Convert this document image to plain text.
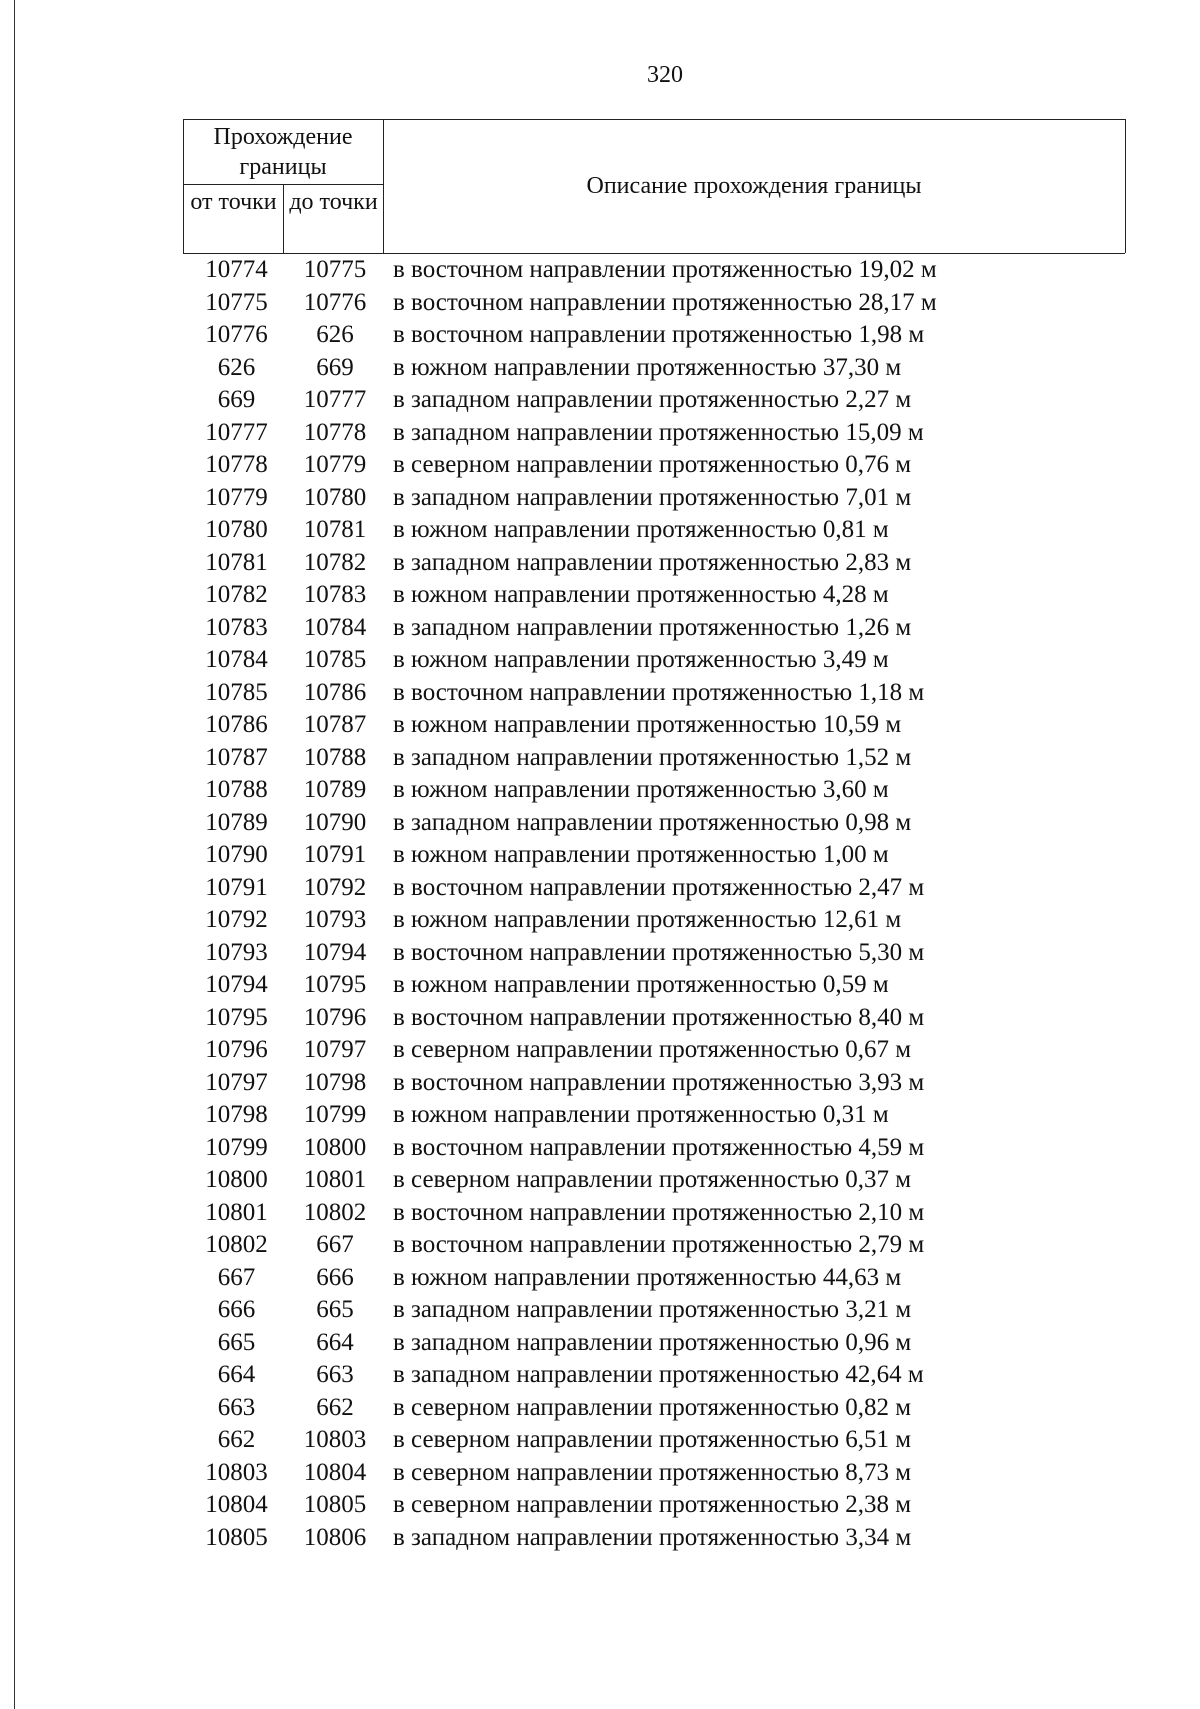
320
Прохождение границы
от точки до точки
Описание прохождения границы
10774	10775	в восточном направлении протяженностью 19,02 м
10775	10776	в восточном направлении протяженностью 28,17 м
10776	626	в восточном направлении протяженностью 1,98 м
626	669	в южном направлении протяженностью 37,30 м
669	10777	в западном направлении протяженностью 2,27 м
10777	10778	в западном направлении протяженностью 15,09 м
10778	10779	в северном направлении протяженностью 0,76 м
10779	10780	в западном направлении протяженностью 7,01 м
10780	10781	в южном направлении протяженностью 0,81 м
10781	10782	в западном направлении протяженностью 2,83 м
10782	10783	в южном направлении протяженностью 4,28 м
10783	10784	в западном направлении протяженностью 1,26 м
10784	10785	в южном направлении протяженностью 3,49 м
10785	10786	в восточном направлении протяженностью 1,18 м
10786	10787	в южном направлении протяженностью 10,59 м
10787	10788	в западном направлении протяженностью 1,52 м
10788	10789	в южном направлении протяженностью 3,60 м
10789	10790	в западном направлении протяженностью 0,98 м
10790	10791	в южном направлении протяженностью 1,00 м
10791	10792	в восточном направлении протяженностью 2,47 м
10792	10793	в южном направлении протяженностью 12,61 м
10793	10794	в восточном направлении протяженностью 5,30 м
10794	10795	в южном направлении протяженностью 0,59 м
10795	10796	в восточном направлении протяженностью 8,40 м
10796	10797	в северном направлении протяженностью 0,67 м
10797	10798	в восточном направлении протяженностью 3,93 м
10798	10799	в южном направлении протяженностью 0,31 м
10799	10800	в восточном направлении протяженностью 4,59 м
10800	10801	в северном направлении протяженностью 0,37 м
10801	10802	в восточном направлении протяженностью 2,10 м
10802	667	в восточном направлении протяженностью 2,79 м
667	666	в южном направлении протяженностью 44,63 м
666	665	в западном направлении протяженностью 3,21 м
665	664	в западном направлении протяженностью 0,96 м
664	663	в западном направлении протяженностью 42,64 м
663	662	в северном направлении протяженностью 0,82 м
662	10803	в северном направлении протяженностью 6,51 м
10803	10804	в северном направлении протяженностью 8,73 м
10804	10805	в северном направлении протяженностью 2,38 м
10805	10806	в западном направлении протяженностью 3,34 м
